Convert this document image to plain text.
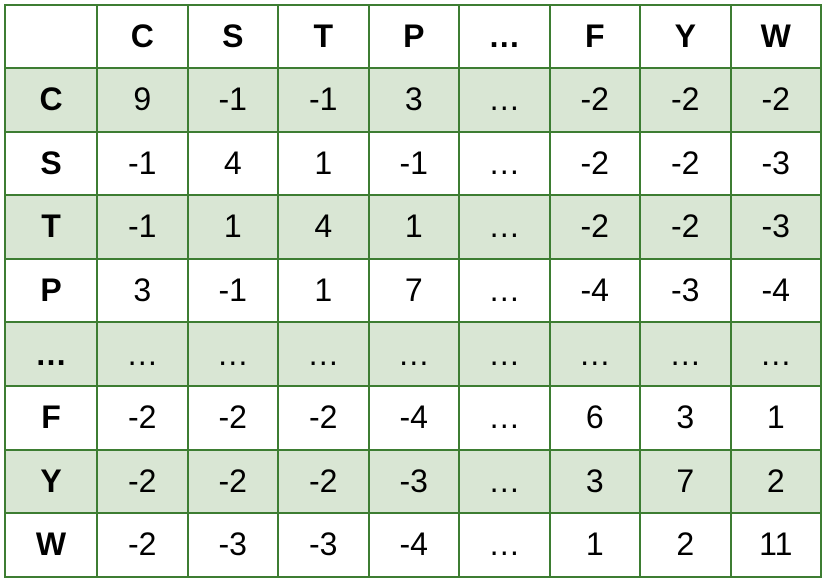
	C	S	T	P	…	F	Y	W
C	9	-1	-1	3	…	-2	-2	-2
S	-1	4	1	-1	…	-2	-2	-3
T	-1	1	4	1	…	-2	-2	-3
P	3	-1	1	7	…	-4	-3	-4
…	…	…	…	…	…	…	…	…
F	-2	-2	-2	-4	…	6	3	1
Y	-2	-2	-2	-3	…	3	7	2
W	-2	-3	-3	-4	…	1	2	11
